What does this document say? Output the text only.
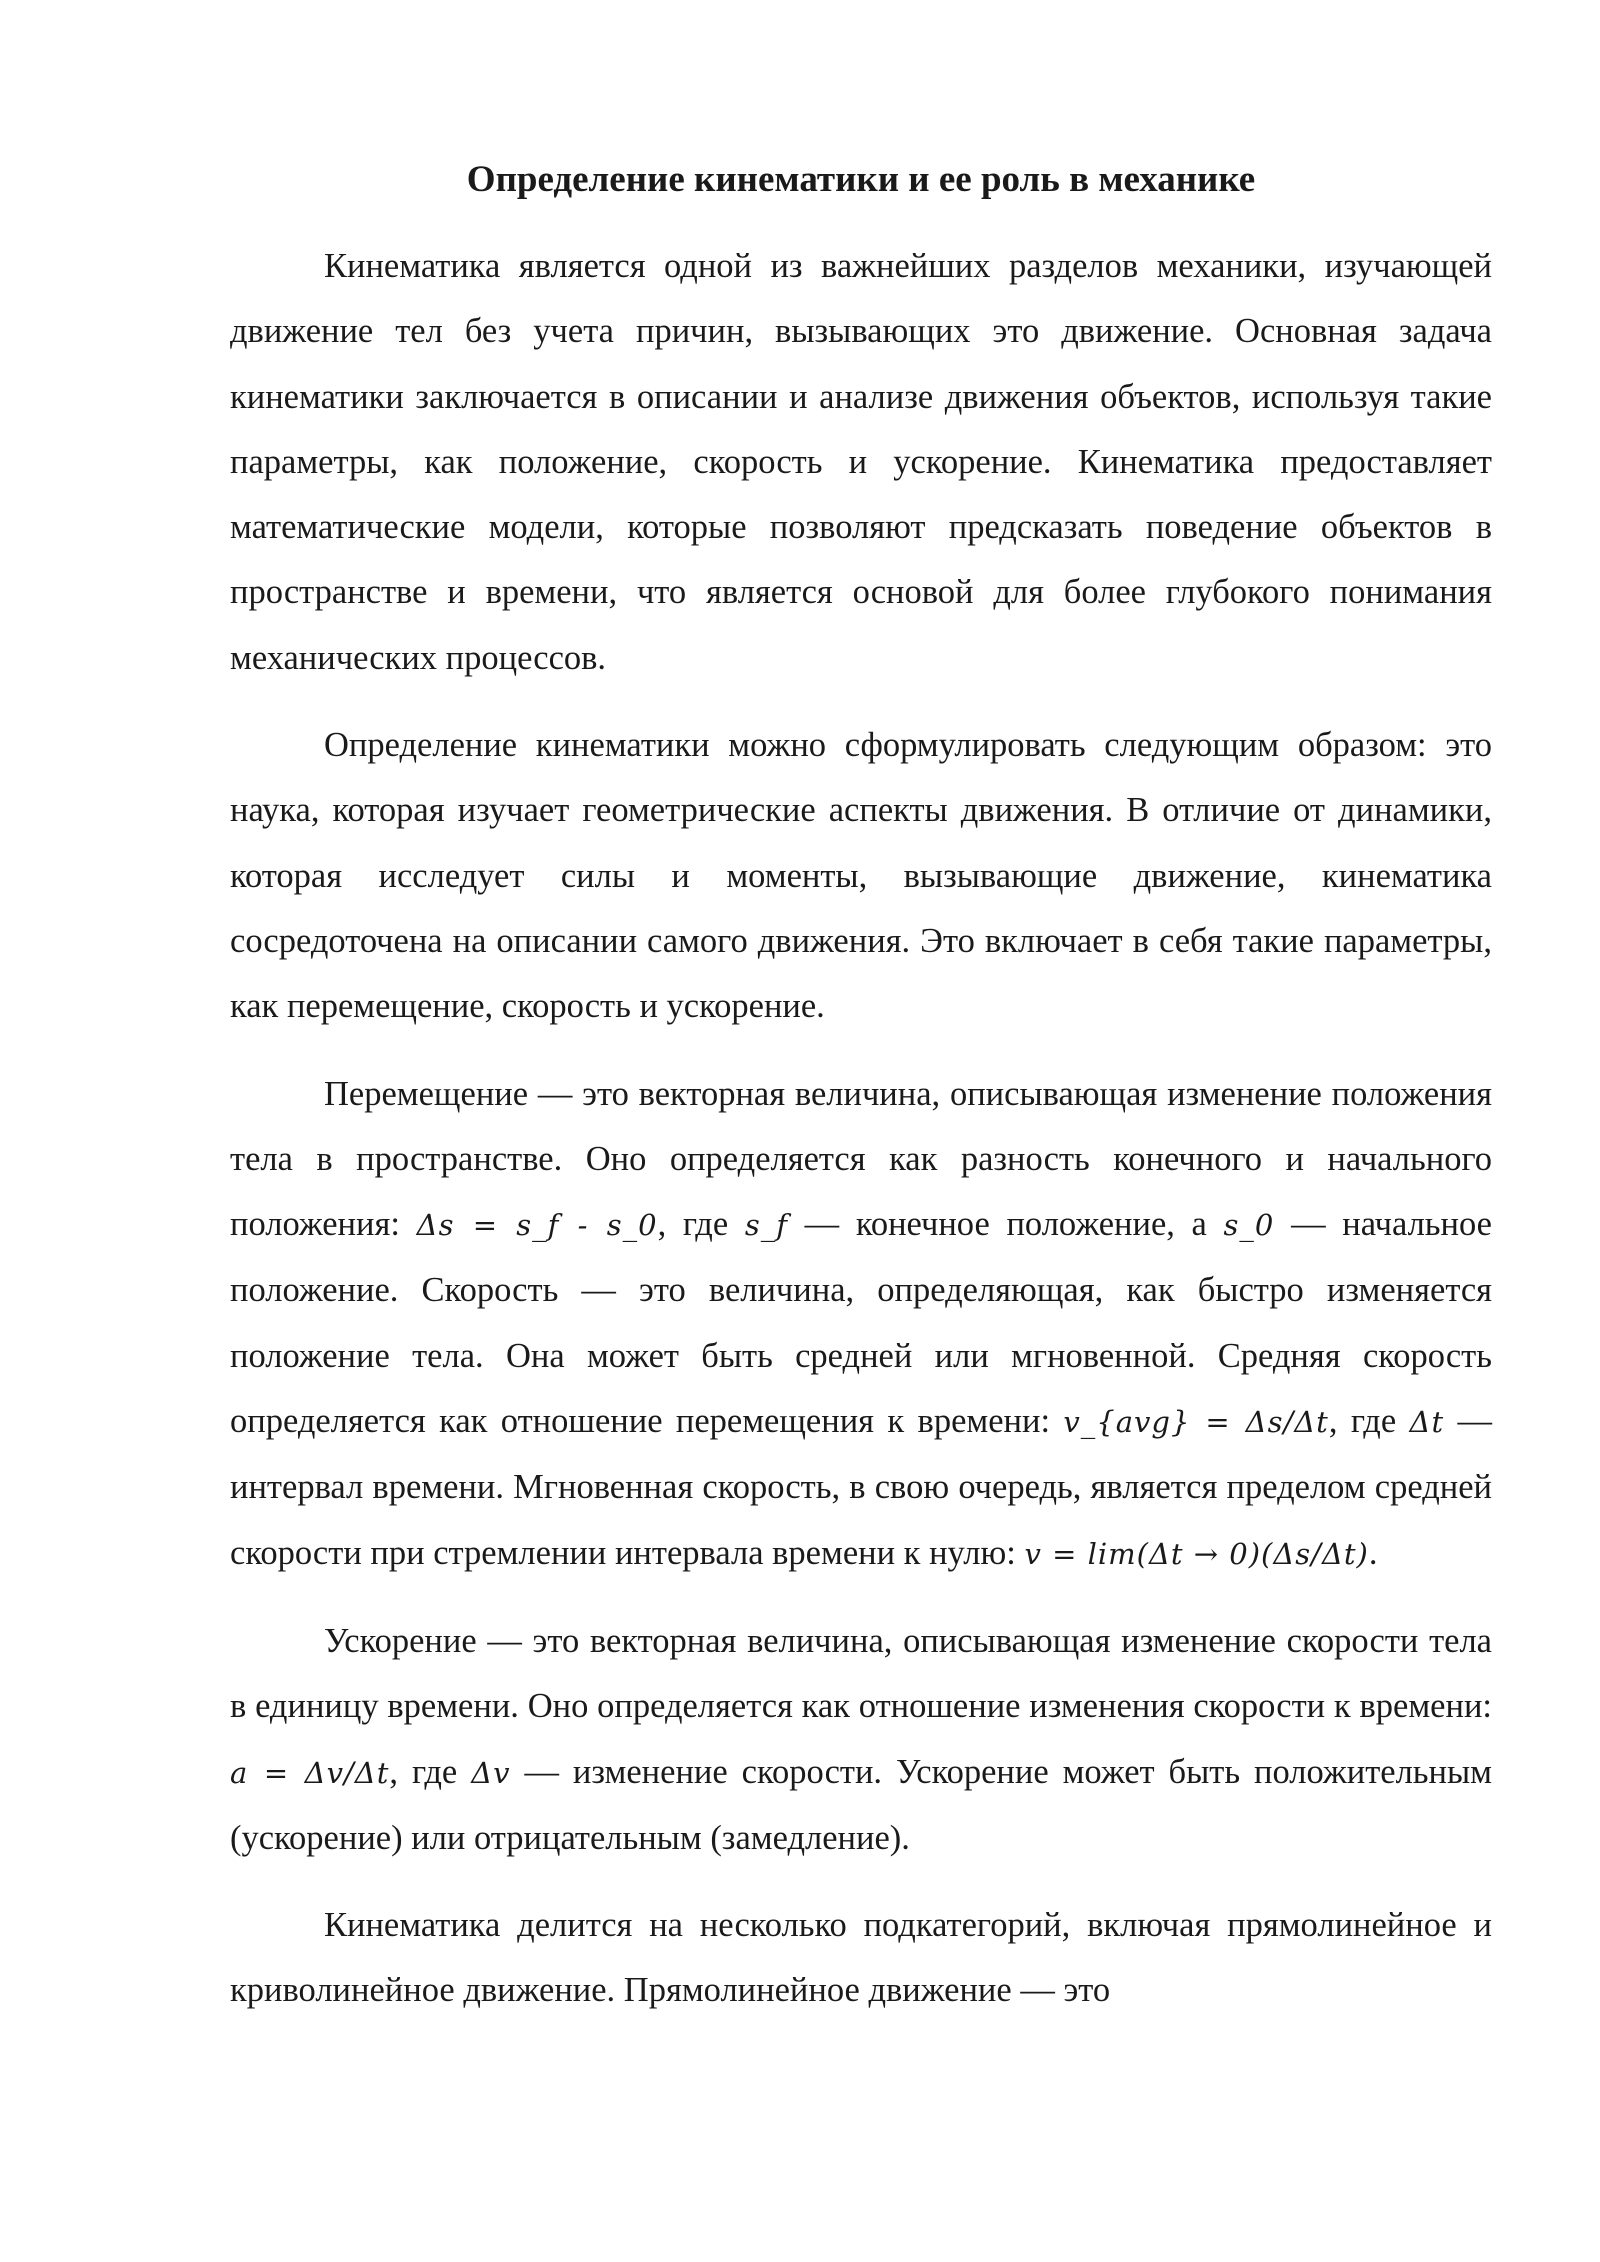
Определение кинематики и ее роль в механике

Кинематика является одной из важнейших разделов механики, изучающей движение тел без учета причин, вызывающих это движение. Основная задача кинематики заключается в описании и анализе движения объектов, используя такие параметры, как положение, скорость и ускорение. Кинематика предоставляет математические модели, которые позволяют предсказать поведение объектов в пространстве и времени, что является основой для более глубокого понимания механических процессов.

Определение кинематики можно сформулировать следующим образом: это наука, которая изучает геометрические аспекты движения. В отличие от динамики, которая исследует силы и моменты, вызывающие движение, кинематика сосредоточена на описании самого движения. Это включает в себя такие параметры, как перемещение, скорость и ускорение.

Перемещение — это векторная величина, описывающая изменение положения тела в пространстве. Оно определяется как разность конечного и начального положения: Δs = s_f - s_0, где s_f — конечное положение, а s_0 — начальное положение. Скорость — это величина, определяющая, как быстро изменяется положение тела. Она может быть средней или мгновенной. Средняя скорость определяется как отношение перемещения к времени: v_{avg} = Δs/Δt, где Δt — интервал времени. Мгновенная скорость, в свою очередь, является пределом средней скорости при стремлении интервала времени к нулю: v = lim(Δt → 0)(Δs/Δt).

Ускорение — это векторная величина, описывающая изменение скорости тела в единицу времени. Оно определяется как отношение изменения скорости к времени: a = Δv/Δt, где Δv — изменение скорости. Ускорение может быть положительным (ускорение) или отрицательным (замедление).

Кинематика делится на несколько подкатегорий, включая прямолинейное и криволинейное движение. Прямолинейное движение — это
